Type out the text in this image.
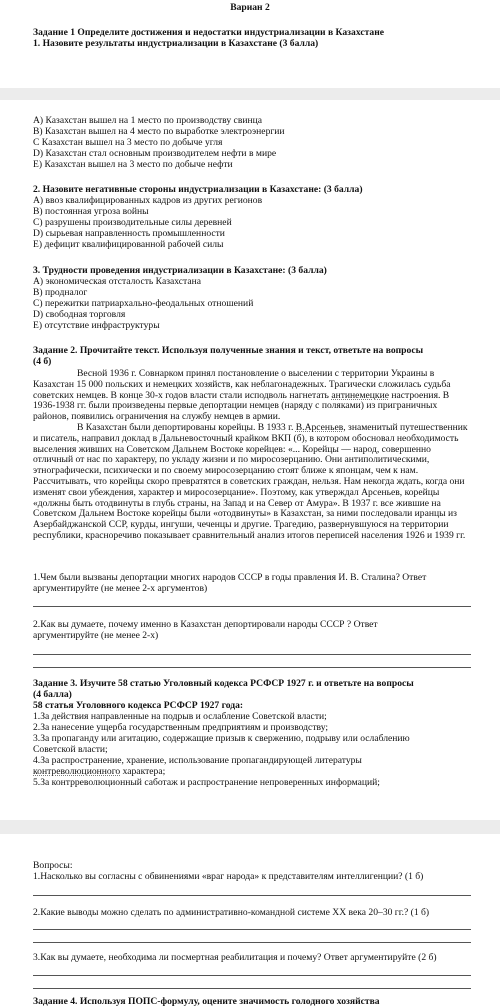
Вариан 2
Задание 1 Определите достижения и недостатки индустриализации в Казахстане
1. Назовите результаты индустриализации в Казахстане (3 балла)
А) Казахстан вышел на 1 место по производству свинца
В) Казахстан вышел на 4 место по выработке электроэнергии
С Казахстан вышел на 3 место по добыче угля
D) Казахстан стал основным производителем нефти в мире
E) Казахстан вышел на 3 место по добыче нефти
2. Назовите негативные стороны индустриализации в Казахстане: (3 балла)
А) ввоз квалифицированных кадров из других регионов
В) постоянная угроза войны
С) разрушены производительные силы деревней
D) сырьевая направленность промышленности
E) дефицит квалифицированной рабочей силы
3. Трудности проведения индустриализации в Казахстане: (3 балла)
А) экономическая отсталость Казахстана
В) продналог
С) пережитки патриархально-феодальных отношений
D) свободная торговля
E) отсутствие инфраструктуры
Задание 2. Прочитайте текст. Используя полученные знания и текст, ответьте на вопросы
(4 б)

Весной 1936 г. Совнарком принял постановление о выселении с территории Украины в Казахстан 15 000 польских и немецких хозяйств, как неблагонадежных. Трагически сложилась судьба советских немцев. В конце 30-х годов власти стали исподволь нагнетать антинемецкие настроения. В 1936-1938 гг. были произведены первые депортации немцев (наряду с поляками) из приграничных районов, появились ограничения на службу немцев в армии.

В Казахстан были депортированы корейцы. В 1933 г. В.Арсеньев, знаменитый путешественник и писатель, направил доклад в Дальневосточный крайком ВКП (б), в котором обосновал необходимость выселения живших на Советском Дальнем Востоке корейцев: «... Корейцы — народ, совершенно отличный от нас по характеру, по укладу жизни и по миросозерцанию. Они антиполитическими, этнографически, психически и по своему миросозерцанию стоят ближе к японцам, чем к нам. Рассчитывать, что корейцы скоро превратятся в советских граждан, нельзя. Нам некогда ждать, когда они изменят свои убеждения, характер и миросозерцание». Поэтому, как утверждал Арсеньев, корейцы «должны быть отодвинуты в глубь страны, на Запад и на Север от Амура». В 1937 г. все жившие на Советском Дальнем Востоке корейцы были «отодвинуты» в Казахстан, за ними последовали иранцы из Азербайджанской ССР, курды, ингуши, чеченцы и другие. Трагедию, развернувшуюся на территории республики, красноречиво показывает сравнительный анализ итогов переписей населения 1926 и 1939 гг.

1.Чем были вызваны депортации многих народов СССР в годы правления И. В. Сталина? Ответ
аргументируйте (не менее 2-х аргументов)
2.Как вы думаете, почему именно в Казахстан депортировали народы СССР ? Ответ
аргументируйте (не менее 2-х)
Задание 3. Изучите 58 статью Уголовный кодекса РСФСР 1927 г. и ответьте на вопросы
(4 балла)
58 статья Уголовного кодекса РСФСР 1927 года:
1.За действия направленные на подрыв и ослабление Советской власти;
2.За нанесение ущерба государственным предприятиям и производству;
3.За пропаганду или агитацию, содержащие призыв к свержению, подрыву или ослаблению
Советской власти;
4.За распространение, хранение, использование пропагандирующей литературы
контреволюционного характера;
5.За контрреволюционный саботаж и распространение непроверенных информаций;
Вопросы:
1.Насколько вы согласны с обвинениями «враг народа» к представителям интеллигенции? (1 б)
2.Какие выводы можно сделать по административно-командной системе XX века 20–30 гг.? (1 б)
3.Как вы думаете, необходима ли посмертная реабилитация и почему? Ответ аргументируйте (2 б)
Задание 4. Используя ПОПС-формулу, оцените значимость голодного хозяйства
